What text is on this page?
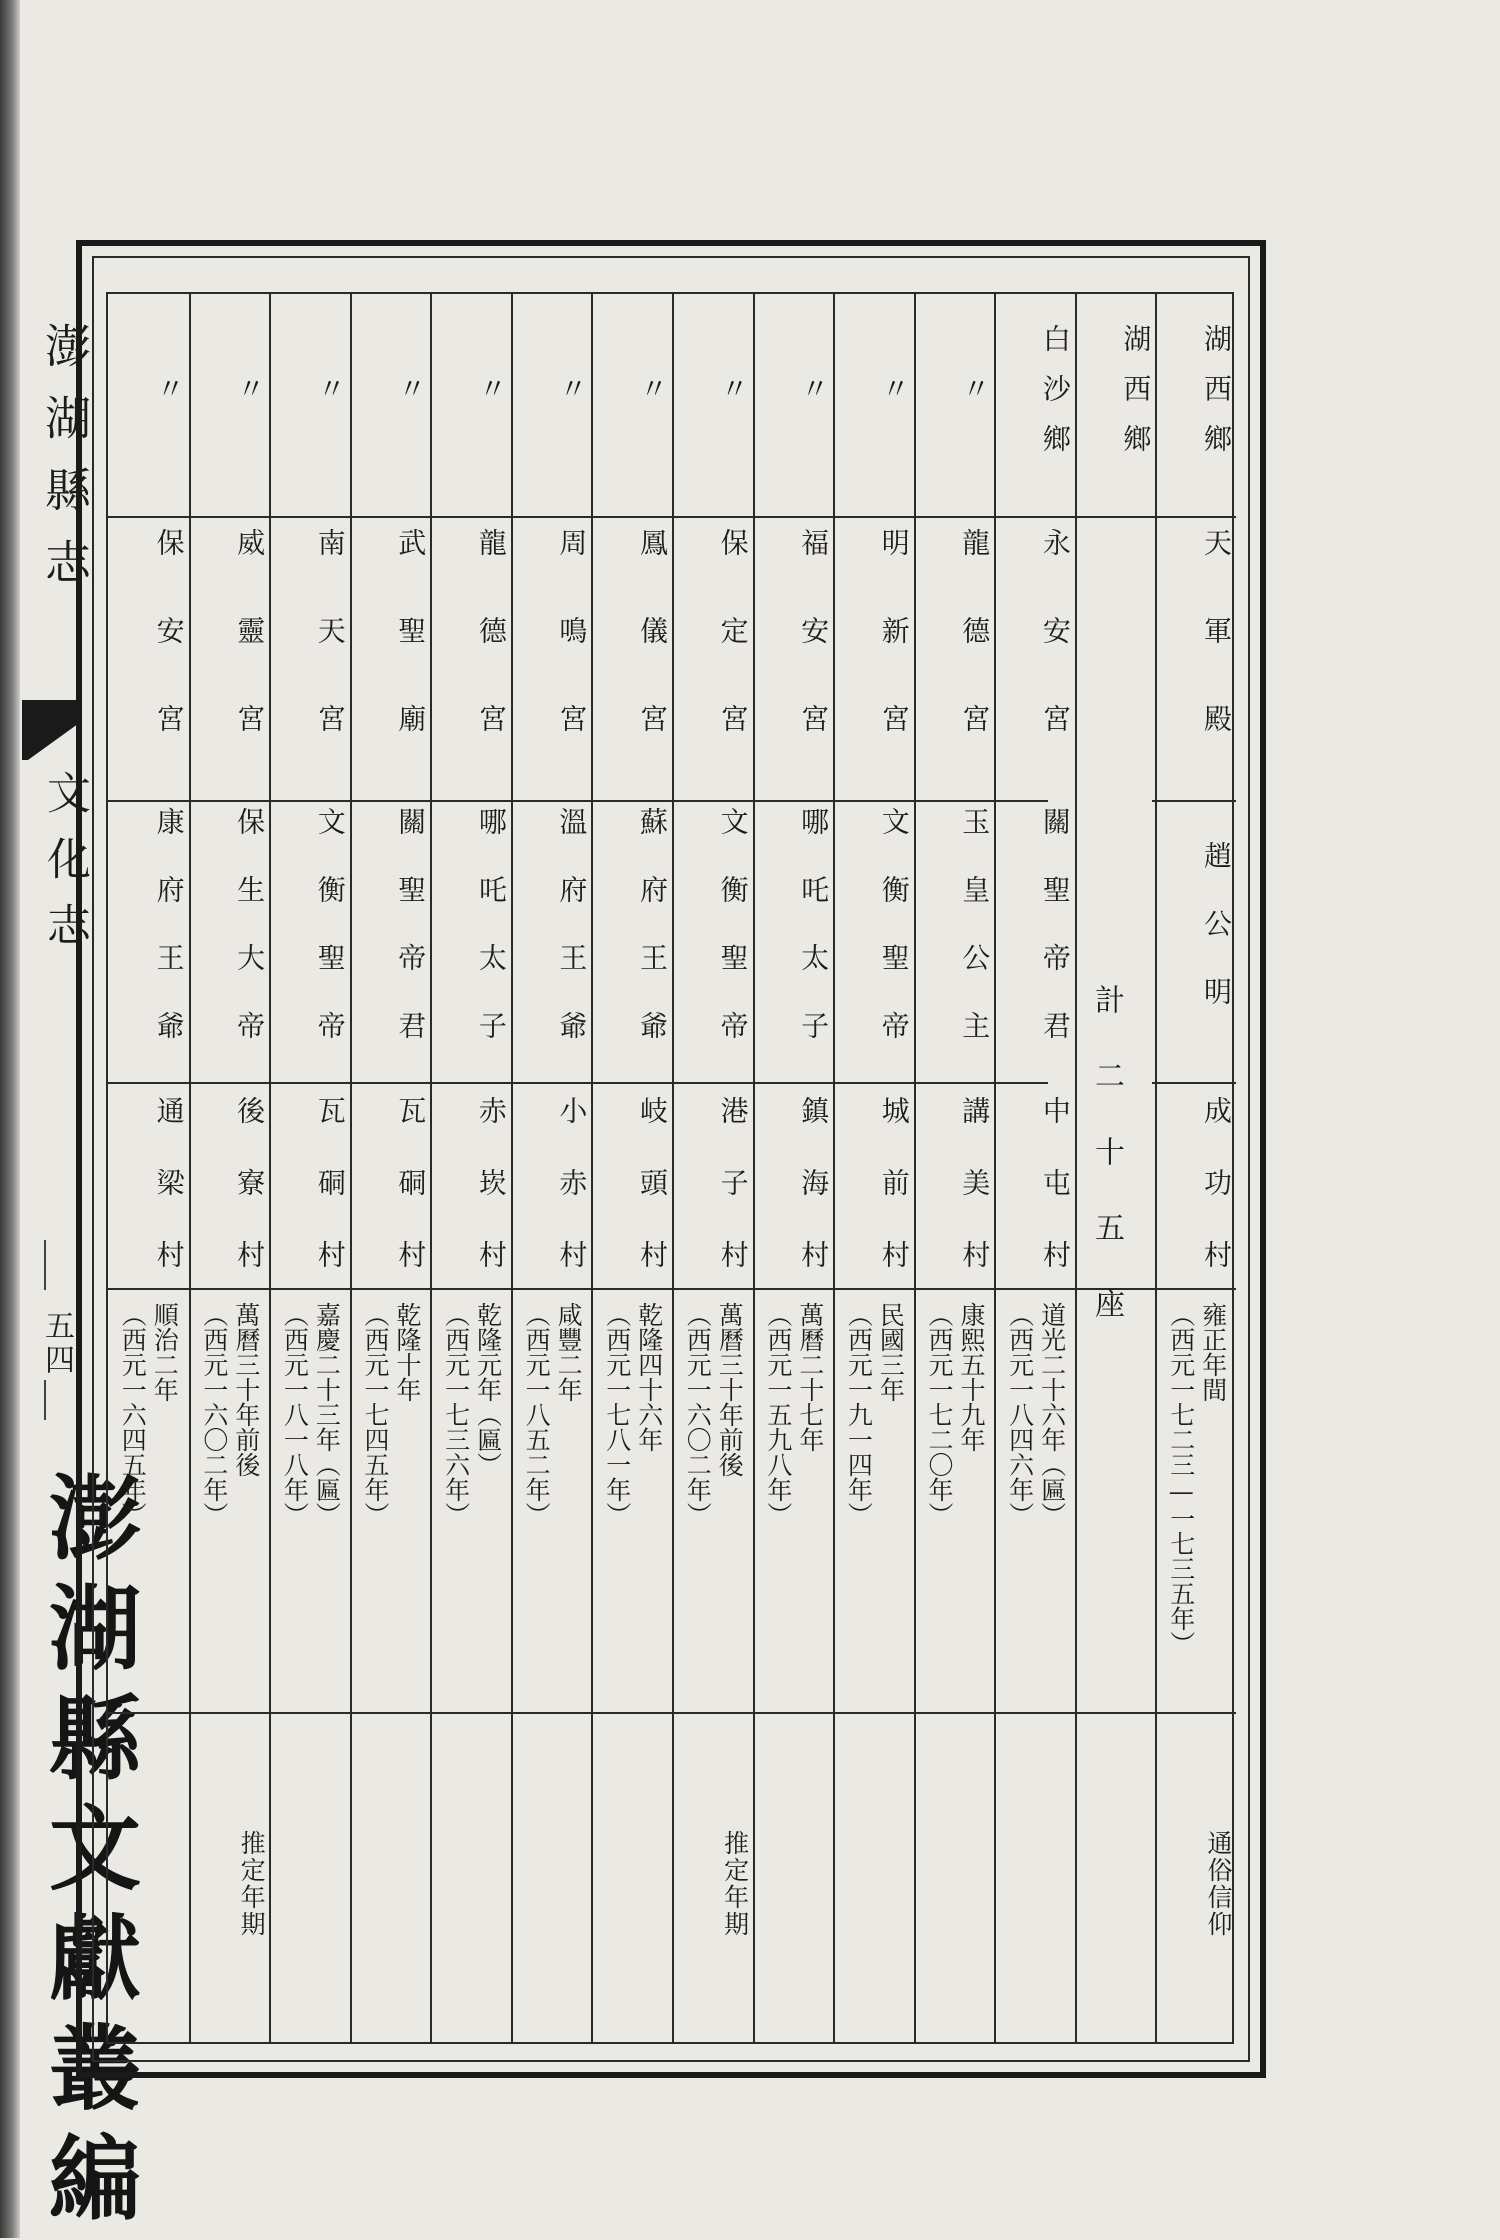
澎湖縣志
文化志
五四
澎湖縣文獻叢編
〃
保安宮
康府王爺
通梁村
順治二年
（西元一六四五年）
〃
威靈宮
保生大帝
後寮村
萬曆三十年前後
（西元一六〇二年）
推定年期
〃
南天宮
文衡聖帝
瓦硐村
嘉慶二十三年（匾）
（西元一八一八年）
〃
武聖廟
關聖帝君
瓦硐村
乾隆十年
（西元一七四五年）
〃
龍德宮
哪吒太子
赤崁村
乾隆元年（匾）
（西元一七三六年）
〃
周鳴宮
溫府王爺
小赤村
咸豐二年
（西元一八五二年）
〃
鳳儀宮
蘇府王爺
岐頭村
乾隆四十六年
（西元一七八一年）
〃
保定宮
文衡聖帝
港子村
萬曆三十年前後
（西元一六〇二年）
推定年期
〃
福安宮
哪吒太子
鎮海村
萬曆二十七年
（西元一五九八年）
〃
明新宮
文衡聖帝
城前村
民國三年
（西元一九一四年）
〃
龍德宮
玉皇公主
講美村
康熙五十九年
（西元一七二〇年）
白沙鄉
永安宮
關聖帝君
中屯村
道光二十六年（匾）
（西元一八四六年）
湖西鄉	湖西鄉
天軍殿
趙公明
成功村
雍正年間
（西元一七二三—一七三五年）
通俗信仰
計二十五座
